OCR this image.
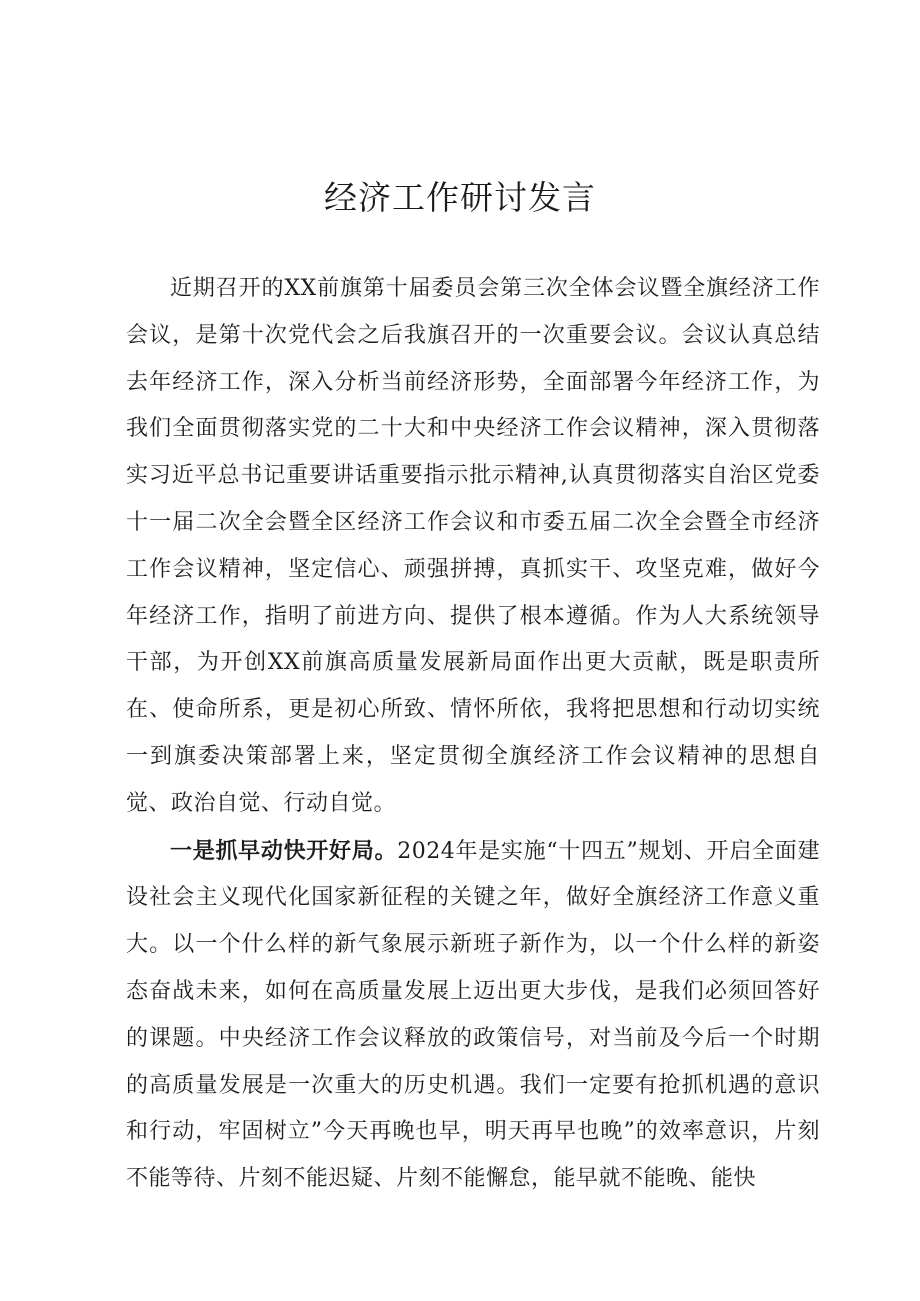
经济工作研讨发言

近期召开的XX前旗第十届委员会第三次全体会议暨全旗经济工作会议，是第十次党代会之后我旗召开的一次重要会议。会议认真总结去年经济工作，深入分析当前经济形势，全面部署今年经济工作，为我们全面贯彻落实党的二十大和中央经济工作会议精神，深入贯彻落实习近平总书记重要讲话重要指示批示精神,认真贯彻落实自治区党委十一届二次全会暨全区经济工作会议和市委五届二次全会暨全市经济工作会议精神，坚定信心、顽强拼搏，真抓实干、攻坚克难，做好今年经济工作，指明了前进方向、提供了根本遵循。作为人大系统领导干部，为开创XX前旗高质量发展新局面作出更大贡献，既是职责所在、使命所系，更是初心所致、情怀所依，我将把思想和行动切实统一到旗委决策部署上来，坚定贯彻全旗经济工作会议精神的思想自觉、政治自觉、行动自觉。

一是抓早动快开好局。2024年是实施“十四五”规划、开启全面建设社会主义现代化国家新征程的关键之年，做好全旗经济工作意义重大。以一个什么样的新气象展示新班子新作为，以一个什么样的新姿态奋战未来，如何在高质量发展上迈出更大步伐，是我们必须回答好的课题。中央经济工作会议释放的政策信号，对当前及今后一个时期的高质量发展是一次重大的历史机遇。我们一定要有抢抓机遇的意识和行动，牢固树立”今天再晚也早，明天再早也晚”的效率意识，片刻不能等待、片刻不能迟疑、片刻不能懈怠，能早就不能晚、能快
